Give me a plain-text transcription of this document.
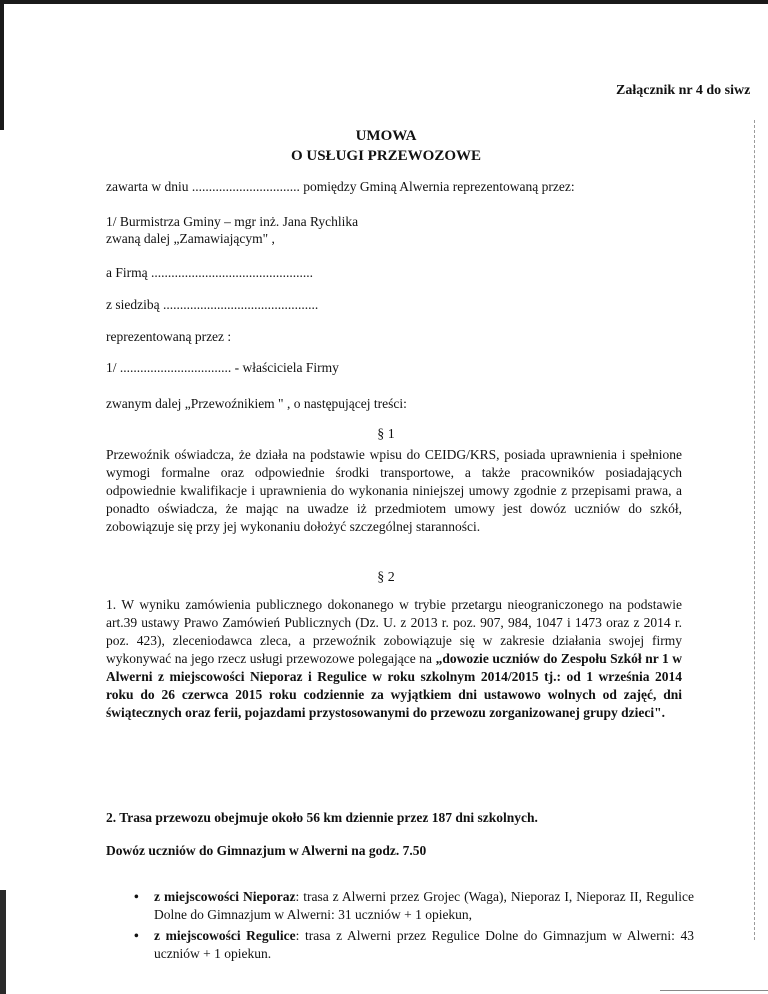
Załącznik nr 4 do siwz
UMOWA
O USŁUGI PRZEWOZOWE
zawarta w dniu ................................ pomiędzy Gminą Alwernia reprezentowaną przez:
1/ Burmistrza Gminy – mgr inż. Jana Rychlika
zwaną dalej „Zamawiającym" ,
a Firmą ................................................
z siedzibą ..............................................
reprezentowaną przez :
1/ ................................. - właściciela Firmy
zwanym dalej „Przewoźnikiem " , o następującej treści:
§ 1

Przewoźnik oświadcza, że działa na podstawie wpisu do CEIDG/KRS, posiada uprawnienia i spełnione wymogi formalne oraz odpowiednie środki transportowe, a także pracowników posiadających odpowiednie kwalifikacje i uprawnienia do wykonania niniejszej umowy zgodnie z przepisami prawa, a ponadto oświadcza, że mając na uwadze iż przedmiotem umowy jest dowóz uczniów do szkół, zobowiązuje się przy jej wykonaniu dołożyć szczególnej staranności.

§ 2

1. W wyniku zamówienia publicznego dokonanego w trybie przetargu nieograniczonego na podstawie art.39 ustawy Prawo Zamówień Publicznych (Dz. U. z 2013 r. poz. 907, 984, 1047 i 1473 oraz z 2014 r. poz. 423), zleceniodawca zleca, a przewoźnik zobowiązuje się w zakresie działania swojej firmy wykonywać na jego rzecz usługi przewozowe polegające na „dowozie uczniów do Zespołu Szkół nr 1 w Alwerni z miejscowości Nieporaz i Regulice w roku szkolnym 2014/2015 tj.: od 1 września 2014 roku do 26 czerwca 2015 roku codziennie za wyjątkiem dni ustawowo wolnych od zajęć, dni świątecznych oraz ferii, pojazdami przystosowanymi do przewozu zorganizowanej grupy dzieci".

2. Trasa przewozu obejmuje około 56 km dziennie przez 187 dni szkolnych.
Dowóz uczniów do Gimnazjum w Alwerni na godz. 7.50
• z miejscowości Nieporaz: trasa z Alwerni przez Grojec (Waga), Nieporaz I, Nieporaz II, Regulice Dolne do Gimnazjum w Alwerni: 31 uczniów + 1 opiekun,
• z miejscowości Regulice: trasa z Alwerni przez Regulice Dolne do Gimnazjum w Alwerni: 43 uczniów + 1 opiekun.
